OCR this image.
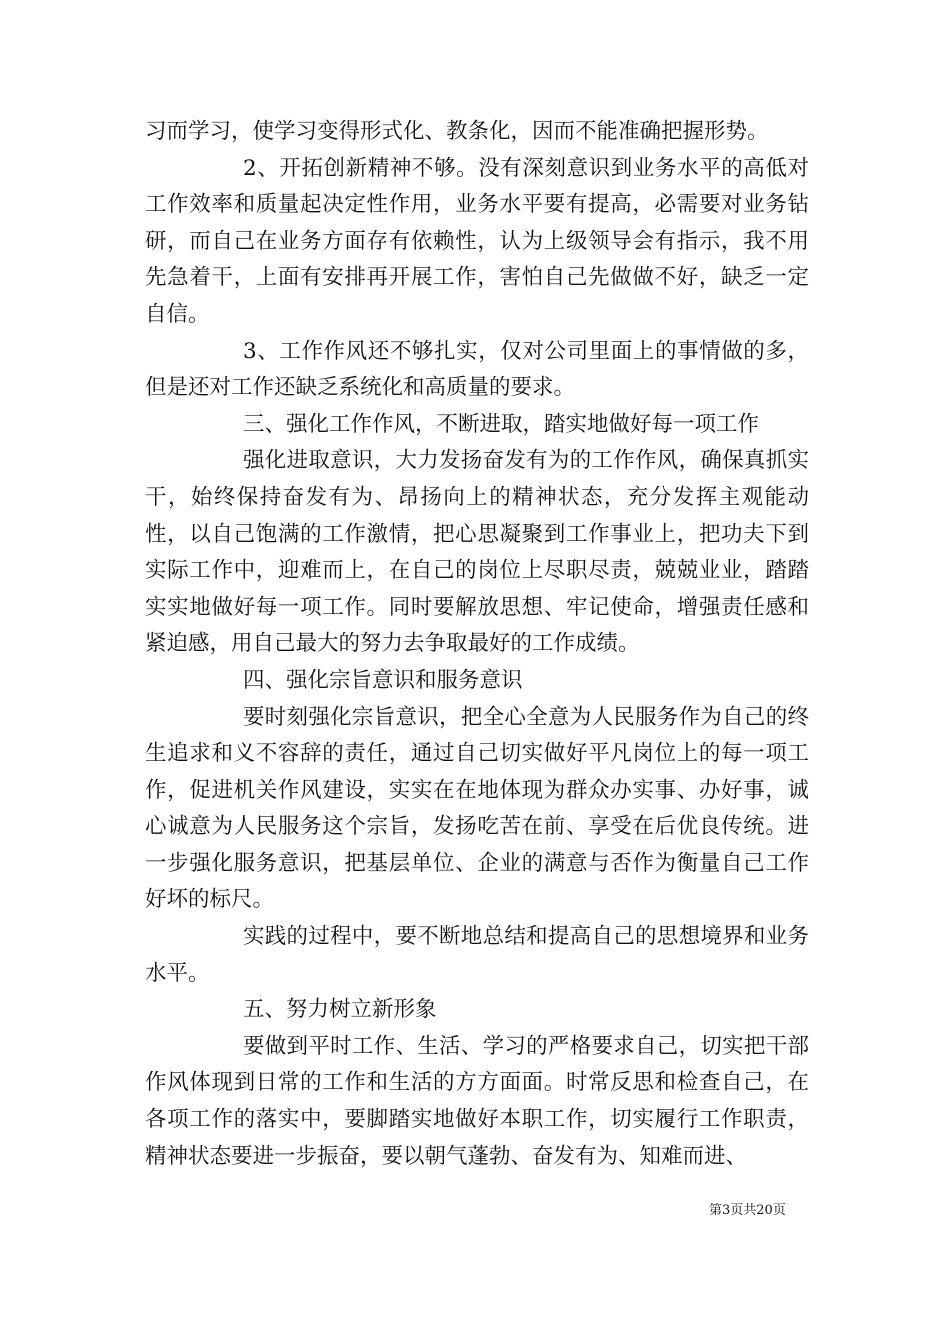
习而学习，使学习变得形式化、教条化，因而不能准确把握形势。

2、开拓创新精神不够。没有深刻意识到业务水平的高低对工作效率和质量起决定性作用，业务水平要有提高，必需要对业务钻研，而自己在业务方面存有依赖性，认为上级领导会有指示，我不用先急着干，上面有安排再开展工作，害怕自己先做做不好，缺乏一定自信。

3、工作作风还不够扎实，仅对公司里面上的事情做的多，但是还对工作还缺乏系统化和高质量的要求。

三、强化工作作风，不断进取，踏实地做好每一项工作

强化进取意识，大力发扬奋发有为的工作作风，确保真抓实干，始终保持奋发有为、昂扬向上的精神状态，充分发挥主观能动性，以自己饱满的工作激情，把心思凝聚到工作事业上，把功夫下到实际工作中，迎难而上，在自己的岗位上尽职尽责，兢兢业业，踏踏实实地做好每一项工作。同时要解放思想、牢记使命，增强责任感和紧迫感，用自己最大的努力去争取最好的工作成绩。

四、强化宗旨意识和服务意识

要时刻强化宗旨意识，把全心全意为人民服务作为自己的终生追求和义不容辞的责任，通过自己切实做好平凡岗位上的每一项工作，促进机关作风建设，实实在在地体现为群众办实事、办好事，诚心诚意为人民服务这个宗旨，发扬吃苦在前、享受在后优良传统。进一步强化服务意识，把基层单位、企业的满意与否作为衡量自己工作好坏的标尺。

实践的过程中，要不断地总结和提高自己的思想境界和业务水平。

五、努力树立新形象

要做到平时工作、生活、学习的严格要求自己，切实把干部作风体现到日常的工作和生活的方方面面。时常反思和检查自己，在各项工作的落实中，要脚踏实地做好本职工作，切实履行工作职责，精神状态要进一步振奋，要以朝气蓬勃、奋发有为、知难而进、

第3页共20页
